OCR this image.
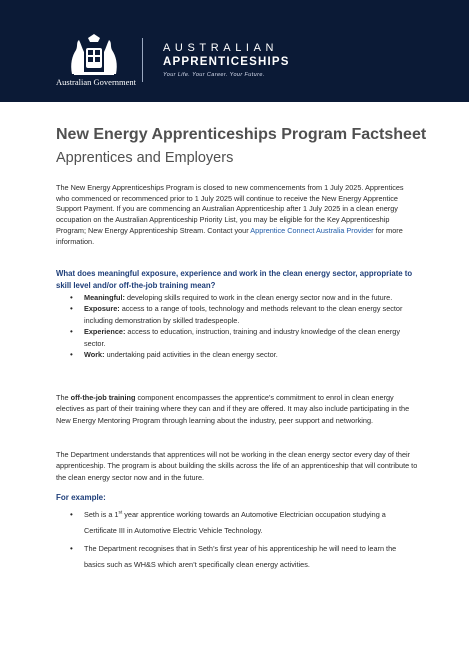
Australian Government
AUSTRALIAN
APPRENTICESHIPS
Your Life. Your Career. Your Future.
New Energy Apprenticeships Program Factsheet
Apprentices and Employers

The New Energy Apprenticeships Program is closed to new commencements from 1 July 2025. Apprentices who commenced or recommenced prior to 1 July 2025 will continue to receive the New Energy Apprentice Support Payment. If you are commencing an Australian Apprenticeship after 1 July 2025 in a clean energy occupation on the Australian Apprenticeship Priority List, you may be eligible for the Key Apprenticeship Program; New Energy Apprenticeship Stream. Contact your Apprentice Connect Australia Provider for more information.

What does meaningful exposure, experience and work in the clean energy sector, appropriate to skill level and/or off-the-job training mean?

• Meaningful: developing skills required to work in the clean energy sector now and in the future.
• Exposure: access to a range of tools, technology and methods relevant to the clean energy sector including demonstration by skilled tradespeople.
• Experience: access to education, instruction, training and industry knowledge of the clean energy sector.
• Work: undertaking paid activities in the clean energy sector.

The off-the-job training component encompasses the apprentice’s commitment to enrol in clean energy electives as part of their training where they can and if they are offered. It may also include participating in the New Energy Mentoring Program through learning about the industry, peer support and networking.

The Department understands that apprentices will not be working in the clean energy sector every day of their apprenticeship. The program is about building the skills across the life of an apprenticeship that will contribute to the clean energy sector now and in the future.

For example:

• Seth is a 1st year apprentice working towards an Automotive Electrician occupation studying a Certificate III in Automotive Electric Vehicle Technology.
• The Department recognises that in Seth’s first year of his apprenticeship he will need to learn the basics such as WH&S which aren’t specifically clean energy activities.
